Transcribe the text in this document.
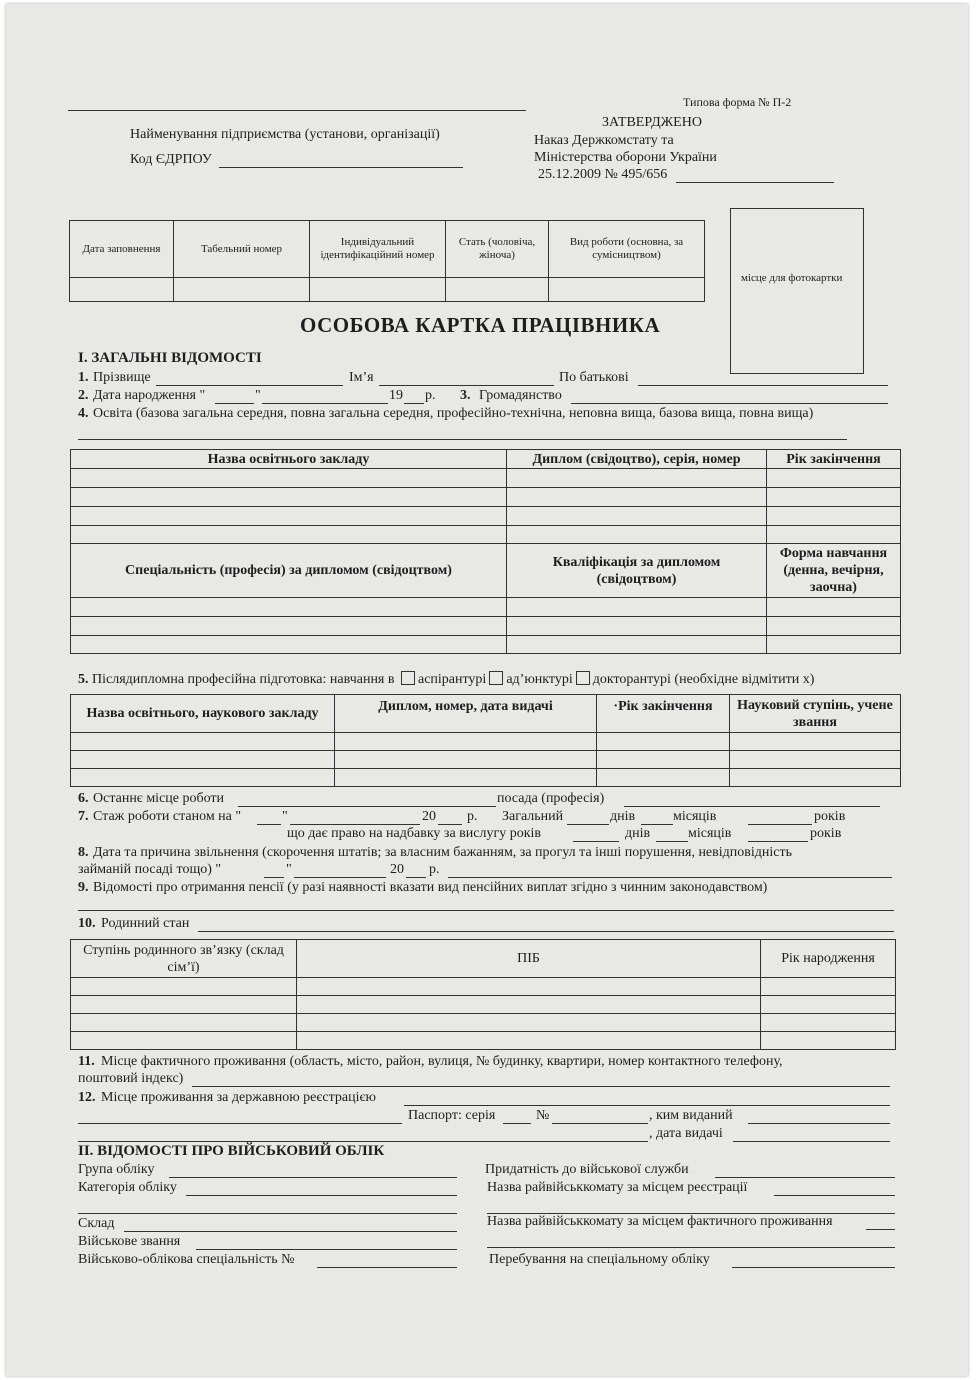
Типова форма № П-2
Найменування підприємства (установи, організації)
Код ЄДРПОУ
ЗАТВЕРДЖЕНО
Наказ Держкомстату та
Міністерства оборони України
25.12.2009 № 495/656
Дата заповнення	Табельний номер	Індивідуальний ідентифікаційний номер	Стать (чоловіча, жіноча)	Вид роботи (основна, за сумісництвом)

місце для фотокартки
ОСОБОВА КАРТКА ПРАЦІВНИКА
І. ЗАГАЛЬНІ ВІДОМОСТІ
1. Прізвище	Ім’я	По батькові
2. Дата народження "	"	19 р. 3. Громадянство
4. Освіта (базова загальна середня, повна загальна середня, професійно-технічна, неповна вища, базова вища, повна вища)
Назва освітнього закладу	Диплом (свідоцтво), серія, номер	Рік закінчення

Спеціальність (професія) за дипломом (свідоцтвом)	Кваліфікація за дипломом (свідоцтвом)	Форма навчання (денна, вечірня, заочна)

5. Післядипломна професійна підготовка: навчання в аспірантурі ад’юнктурі докторантурі (необхідне відмітити х)
Назва освітнього, наукового закладу	Диплом, номер, дата видачі	·Рік закінчення	Науковий ступінь, учене звання

6. Останнє місце роботи	посада (професія)
7. Стаж роботи станом на "	"	20 р. Загальний	днів	місяців	років
що дає право на надбавку за вислугу років	днів	місяців	років
8. Дата та причина звільнення (скорочення штатів; за власним бажанням, за прогул та інші порушення, невідповідність
займаній посаді тощо) "	"	20 р.
9. Відомості про отримання пенсії (у разі наявності вказати вид пенсійних виплат згідно з чинним законодавством)
10. Родинний стан
Ступінь родинного зв’язку (склад сім’ї)	ПІБ	Рік народження

11. Місце фактичного проживання (область, місто, район, вулиця, № будинку, квартири, номер контактного телефону,
поштовий індекс)
12. Місце проживання за державною реєстрацією
Паспорт: серія	№	, ким виданий
, дата видачі
ІІ. ВІДОМОСТІ ПРО ВІЙСЬКОВИЙ ОБЛІК
Група обліку
Категорія обліку
Склад
Військове звання
Військово-облікова спеціальність №
Придатність до військової служби
Назва райвійськкомату за місцем реєстрації
Назва райвійськкомату за місцем фактичного проживання
Перебування на спеціальному обліку
